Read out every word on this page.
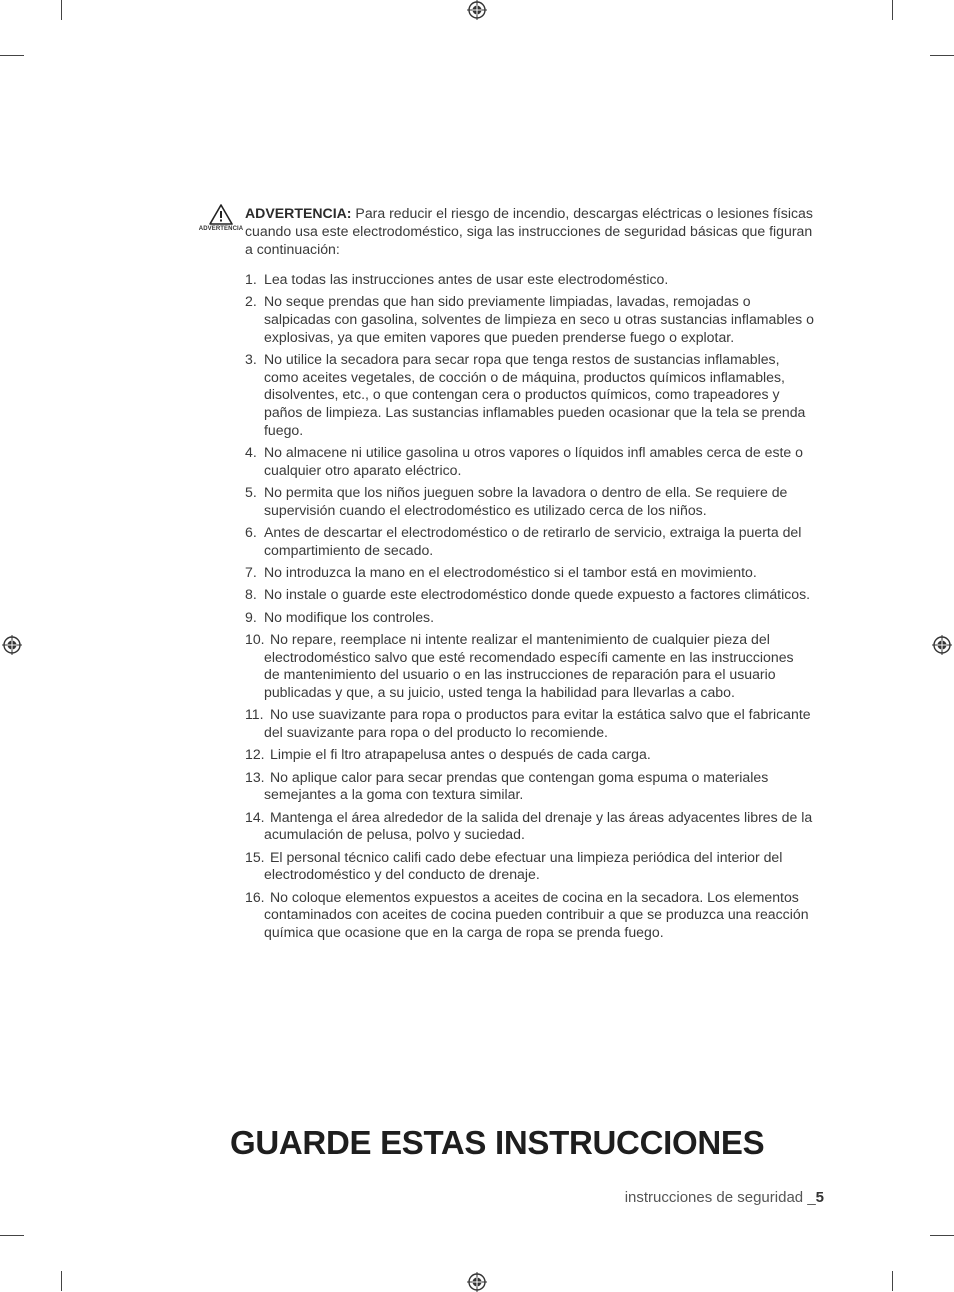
ADVERTENCIA
ADVERTENCIA: Para reducir el riesgo de incendio, descargas eléctricas o lesiones físicas
cuando usa este electrodoméstico, siga las instrucciones de seguridad básicas que figuran
a continuación:
1. Lea todas las instrucciones antes de usar este electrodoméstico.
2. No seque prendas que han sido previamente limpiadas, lavadas, remojadas o
salpicadas con gasolina, solventes de limpieza en seco u otras sustancias inflamables o
explosivas, ya que emiten vapores que pueden prenderse fuego o explotar.
3. No utilice la secadora para secar ropa que tenga restos de sustancias inflamables,
como aceites vegetales, de cocción o de máquina, productos químicos inflamables,
disolventes, etc., o que contengan cera o productos químicos, como trapeadores y
paños de limpieza. Las sustancias inflamables pueden ocasionar que la tela se prenda
fuego.
4. No almacene ni utilice gasolina u otros vapores o líquidos infl amables cerca de este o
cualquier otro aparato eléctrico.
5. No permita que los niños jueguen sobre la lavadora o dentro de ella. Se requiere de
supervisión cuando el electrodoméstico es utilizado cerca de los niños.
6. Antes de descartar el electrodoméstico o de retirarlo de servicio, extraiga la puerta del
compartimiento de secado.
7. No introduzca la mano en el electrodoméstico si el tambor está en movimiento.
8. No instale o guarde este electrodoméstico donde quede expuesto a factores climáticos.
9. No modifique los controles.
10. No repare, reemplace ni intente realizar el mantenimiento de cualquier pieza del
electrodoméstico salvo que esté recomendado específi camente en las instrucciones
de mantenimiento del usuario o en las instrucciones de reparación para el usuario
publicadas y que, a su juicio, usted tenga la habilidad para llevarlas a cabo.
11. No use suavizante para ropa o productos para evitar la estática salvo que el fabricante
del suavizante para ropa o del producto lo recomiende.
12. Limpie el fi ltro atrapapelusa antes o después de cada carga.
13. No aplique calor para secar prendas que contengan goma espuma o materiales
semejantes a la goma con textura similar.
14. Mantenga el área alrededor de la salida del drenaje y las áreas adyacentes libres de la
acumulación de pelusa, polvo y suciedad.
15. El personal técnico califi cado debe efectuar una limpieza periódica del interior del
electrodoméstico y del conducto de drenaje.
16. No coloque elementos expuestos a aceites de cocina en la secadora. Los elementos
contaminados con aceites de cocina pueden contribuir a que se produzca una reacción
química que ocasione que en la carga de ropa se prenda fuego.
GUARDE ESTAS INSTRUCCIONES
instrucciones de seguridad _5
